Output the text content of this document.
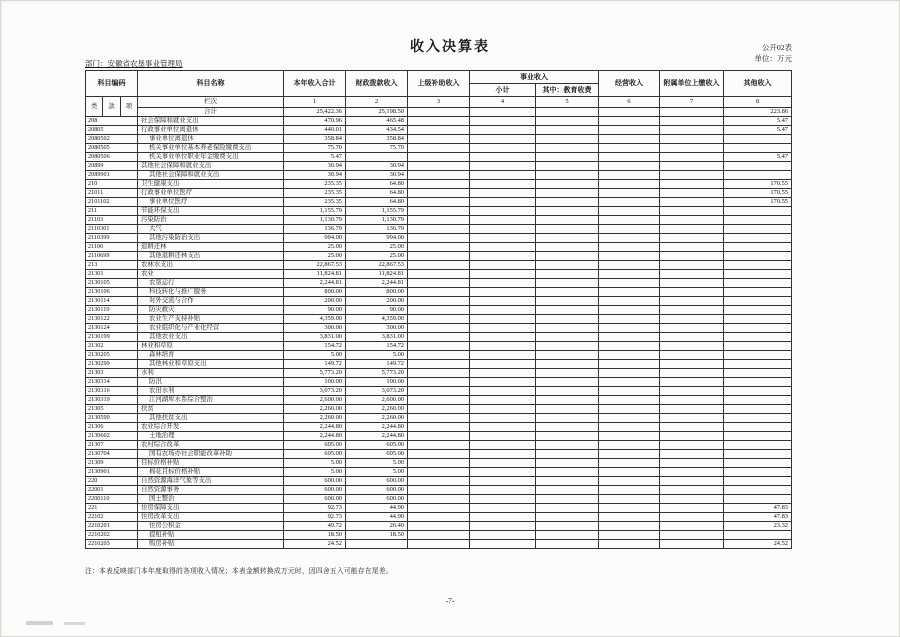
收入决算表	公开02表
单位：万元
部门：安徽省农垦事业管理局
科目编码	科目名称	本年收入合计	财政拨款收入	上级补助收入	事业收入		经营收入	附属单位上缴收入	其他收入
					小计	其中：教育收费			

类 款 项	栏次	1	2	3	4	5	6	7	8
	合计	25,422.36	25,198.50						223.86
208	社会保障和就业支出	470.96	465.48						5.47
20805	行政事业单位离退休	440.01	434.54						5.47
2080502	事业单位离退休	358.84	358.84						
2080505	机关事业单位基本养老保险缴费支出	75.70	75.70						
2080506	机关事业单位职业年金缴费支出	5.47							5.47
20899	其他社会保障和就业支出	30.94	30.94						
2089901	其他社会保障和就业支出	30.94	30.94						
210	卫生健康支出	235.35	64.80						170.55
21011	行政事业单位医疗	235.35	64.80						170.55
2101102	事业单位医疗	235.35	64.80						170.55
211	节能环保支出	1,155.79	1,155.79						
21103	污染防治	1,130.79	1,130.79						
2110301	大气	136.79	136.79						
2110399	其他污染防治支出	994.00	994.00						
21106	退耕还林	25.00	25.00						
2110699	其他退耕还林支出	25.00	25.00						
213	农林水支出	22,867.53	22,867.53						
21301	农业	11,824.81	11,824.81						
2130105	农垦运行	2,244.81	2,244.81						
2130106	科技转化与推广服务	800.00	800.00						
2130114	对外交流与合作	200.00	200.00						
2130119	防灾救灾	90.00	90.00						
2130122	农业生产支持补贴	4,359.00	4,359.00						
2130124	农业组织化与产业化经营	300.00	300.00						
2130199	其他农业支出	3,831.00	3,831.00						
21302	林业和草原	154.72	154.72						
2130205	森林培育	5.00	5.00						
2130299	其他林业和草原支出	149.72	149.72						
21303	水利	5,773.20	5,773.20						
2130314	防汛	100.00	100.00						
2130316	农田水利	3,073.20	3,073.20						
2130319	江河湖库水系综合整治	2,600.00	2,600.00						
21305	扶贫	2,260.00	2,260.00						
2130599	其他扶贫支出	2,260.00	2,260.00						
21306	农业综合开发	2,244.80	2,244.80						
2130602	土地治理	2,244.80	2,244.80						
21307	农村综合改革	605.00	605.00						
2130704	国有农场办社会职能改革补助	605.00	605.00						
21309	目标价格补贴	5.00	5.00						
2130901	棉花目标价格补贴	5.00	5.00						
220	自然资源海洋气象等支出	600.00	600.00						
22001	自然资源事务	600.00	600.00						
2200110	国土整治	600.00	600.00						
221	住房保障支出	92.73	44.90						47.83
22102	住房改革支出	92.73	44.90						47.83
2210201	住房公积金	49.72	26.40						23.32
2210202	提租补贴	18.50	18.50						
2210203	购房补贴	24.52							24.52
注：本表反映部门本年度取得的各项收入情况；本表金额转换成万元时，因四舍五入可能存在尾差。
-7-
